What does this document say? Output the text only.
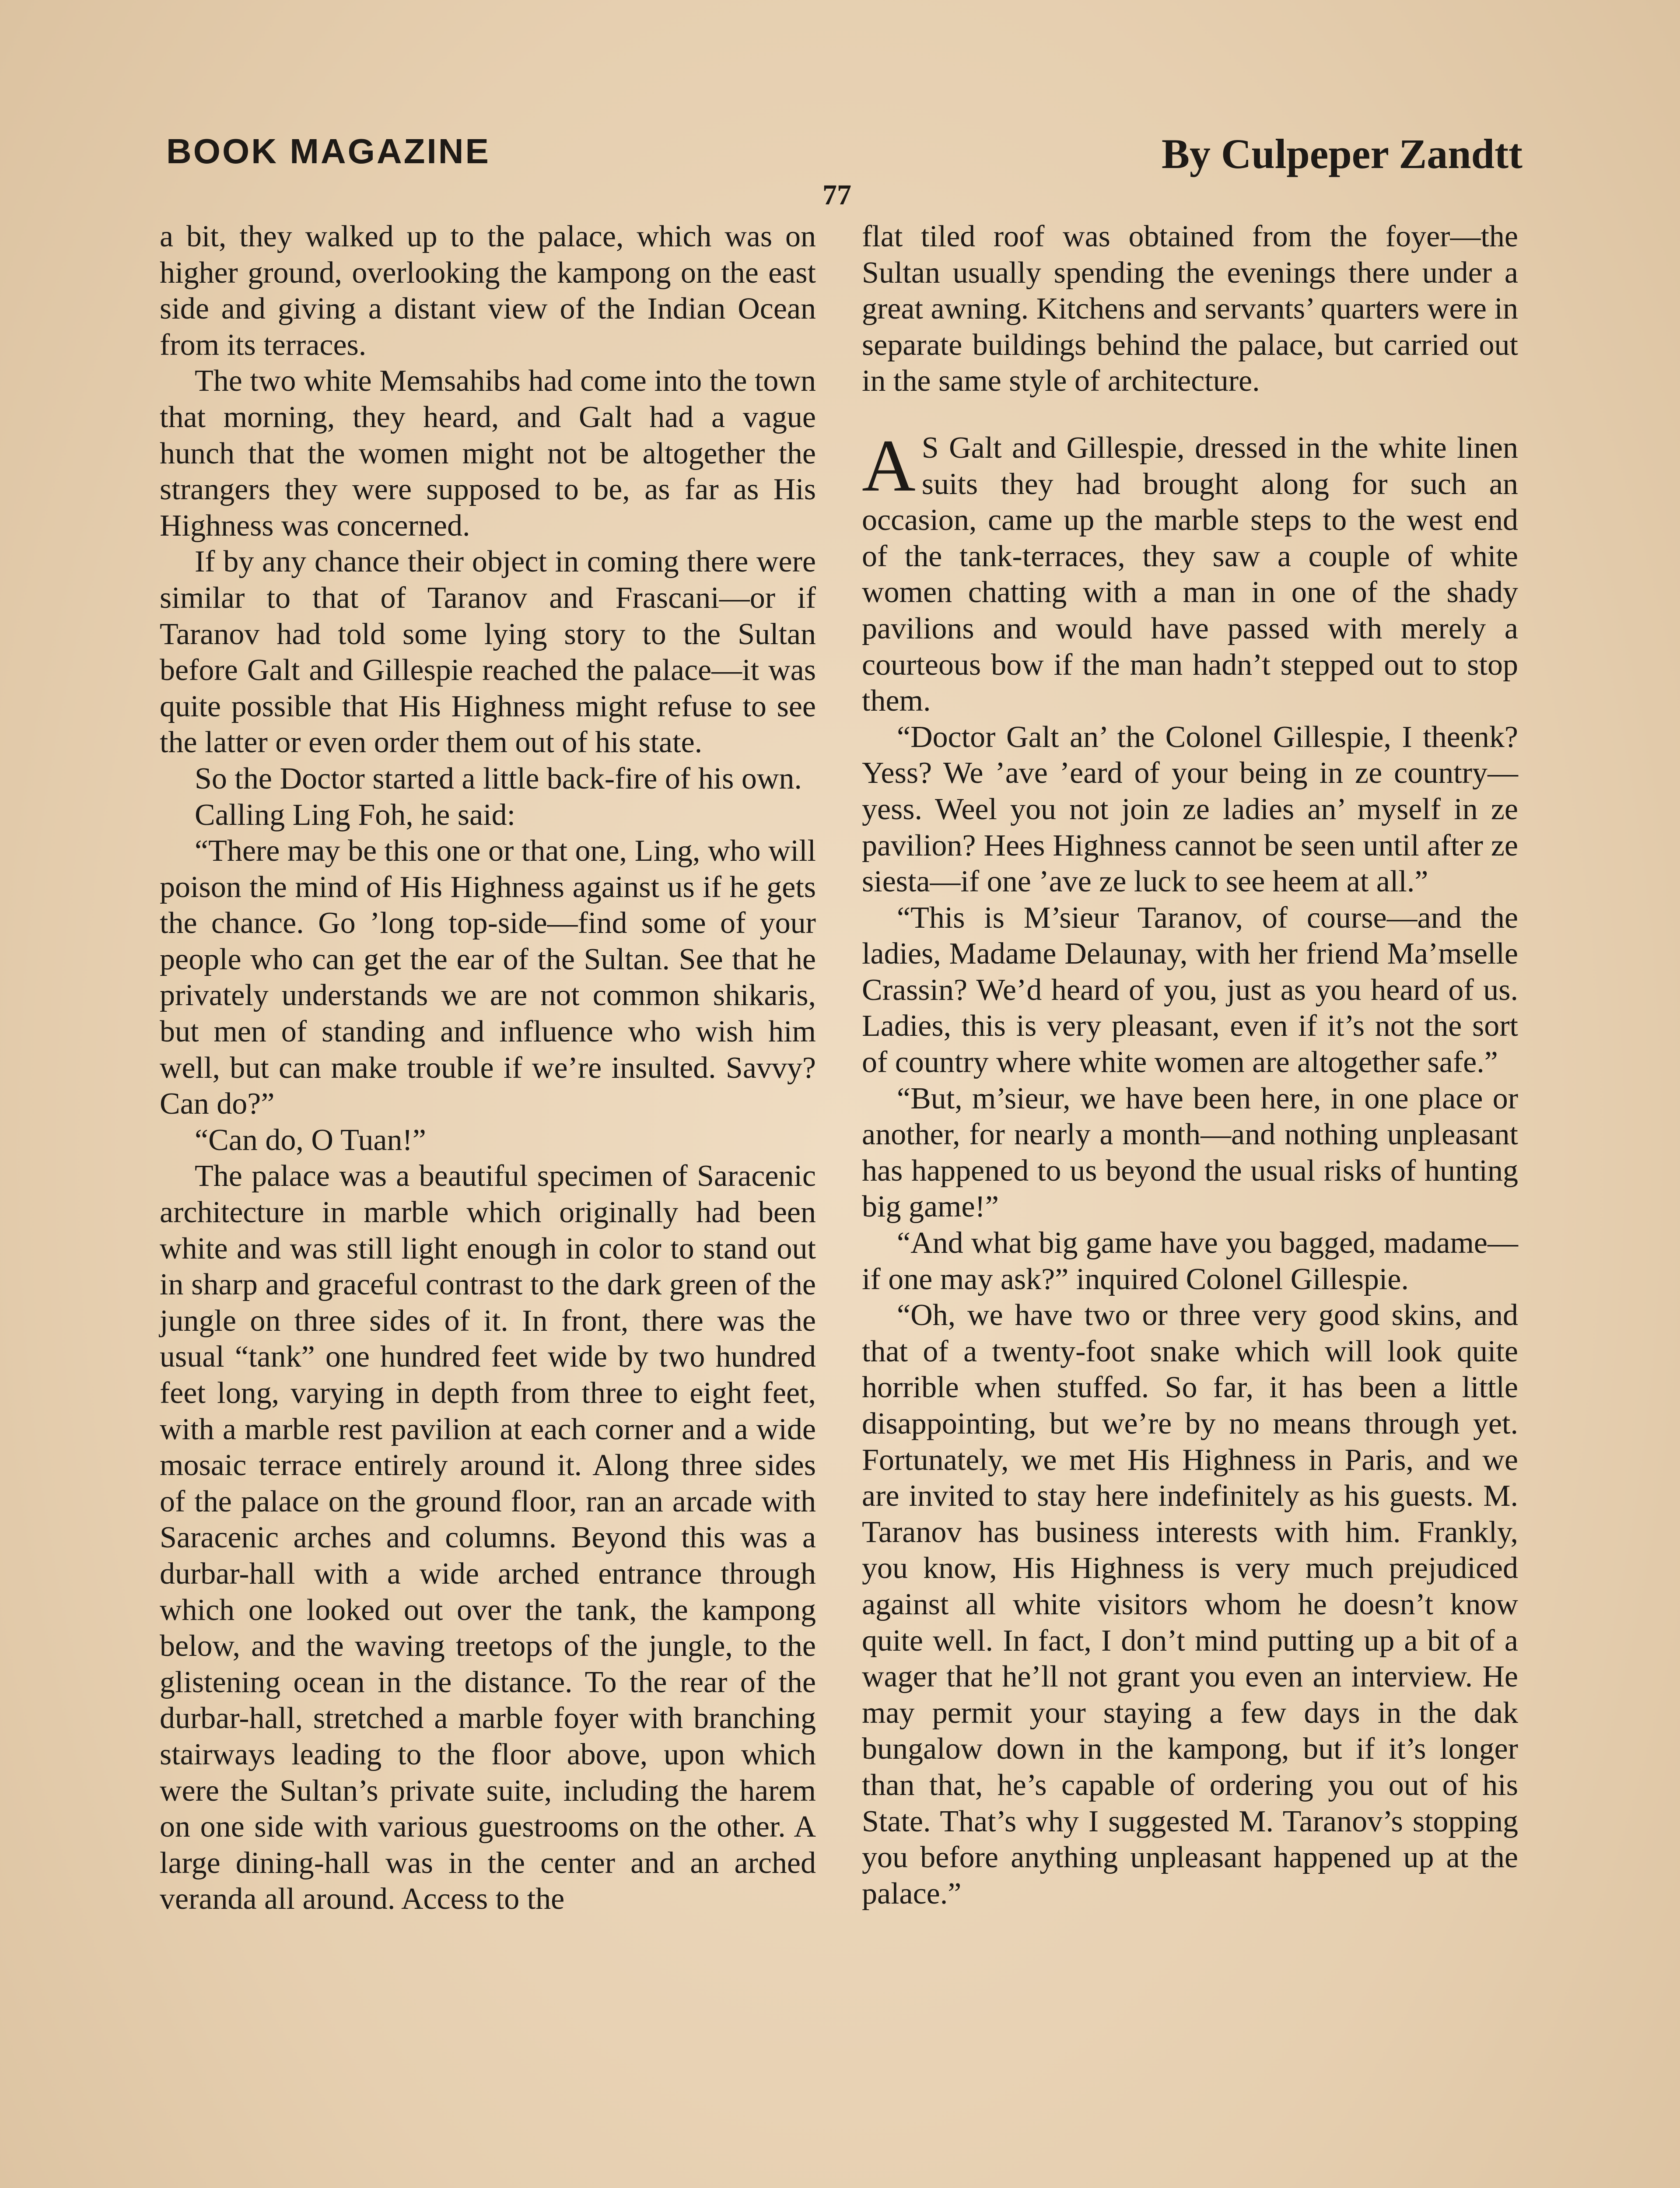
BOOK MAGAZINE	By Culpeper Zandtt
77

a bit, they walked up to the palace, which was on higher ground, overlooking the kampong on the east side and giving a distant view of the Indian Ocean from its terraces.

The two white Memsahibs had come into the town that morning, they heard, and Galt had a vague hunch that the women might not be altogether the strangers they were supposed to be, as far as His Highness was concerned.

If by any chance their object in coming there were similar to that of Taranov and Frascani—or if Taranov had told some lying story to the Sultan before Galt and Gillespie reached the palace—it was quite possible that His Highness might refuse to see the latter or even order them out of his state.

So the Doctor started a little back-fire of his own.

Calling Ling Foh, he said:

“There may be this one or that one, Ling, who will poison the mind of His Highness against us if he gets the chance. Go ’long top-side—find some of your people who can get the ear of the Sultan. See that he privately understands we are not common shikaris, but men of standing and influence who wish him well, but can make trouble if we’re insulted. Savvy? Can do?”

“Can do, O Tuan!”

The palace was a beautiful specimen of Saracenic architecture in marble which originally had been white and was still light enough in color to stand out in sharp and graceful contrast to the dark green of the jungle on three sides of it. In front, there was the usual “tank” one hundred feet wide by two hundred feet long, varying in depth from three to eight feet, with a marble rest pavilion at each corner and a wide mosaic terrace entirely around it. Along three sides of the palace on the ground floor, ran an arcade with Saracenic arches and columns. Beyond this was a durbar-hall with a wide arched entrance through which one looked out over the tank, the kampong below, and the waving treetops of the jungle, to the glistening ocean in the distance. To the rear of the durbar-hall, stretched a marble foyer with branching stairways leading to the floor above, upon which were the Sultan’s private suite, including the harem on one side with various guestrooms on the other. A large dining-hall was in the center and an arched veranda all around. Access to the

flat tiled roof was obtained from the foyer—the Sultan usually spending the evenings there under a great awning. Kitchens and servants’ quarters were in separate buildings behind the palace, but carried out in the same style of architecture.

A S Galt and Gillespie, dressed in the white linen suits they had brought along for such an occasion, came up the marble steps to the west end of the tank-terraces, they saw a couple of white women chatting with a man in one of the shady pavilions and would have passed with merely a courteous bow if the man hadn’t stepped out to stop them.

“Doctor Galt an’ the Colonel Gillespie, I theenk? Yess? We ’ave ’eard of your being in ze country—yess. Weel you not join ze ladies an’ myself in ze pavilion? Hees Highness cannot be seen until after ze siesta—if one ’ave ze luck to see heem at all.”

“This is M’sieur Taranov, of course—and the ladies, Madame Delaunay, with her friend Ma’mselle Crassin? We’d heard of you, just as you heard of us. Ladies, this is very pleasant, even if it’s not the sort of country where white women are altogether safe.”

“But, m’sieur, we have been here, in one place or another, for nearly a month—and nothing unpleasant has happened to us beyond the usual risks of hunting big game!”

“And what big game have you bagged, madame—if one may ask?” inquired Colonel Gillespie.

“Oh, we have two or three very good skins, and that of a twenty-foot snake which will look quite horrible when stuffed. So far, it has been a little disappointing, but we’re by no means through yet. Fortunately, we met His Highness in Paris, and we are invited to stay here indefinitely as his guests. M. Taranov has business interests with him. Frankly, you know, His Highness is very much prejudiced against all white visitors whom he doesn’t know quite well. In fact, I don’t mind putting up a bit of a wager that he’ll not grant you even an interview. He may permit your staying a few days in the dak bungalow down in the kampong, but if it’s longer than that, he’s capable of ordering you out of his State. That’s why I suggested M. Taranov’s stopping you before anything unpleasant happened up at the palace.”
